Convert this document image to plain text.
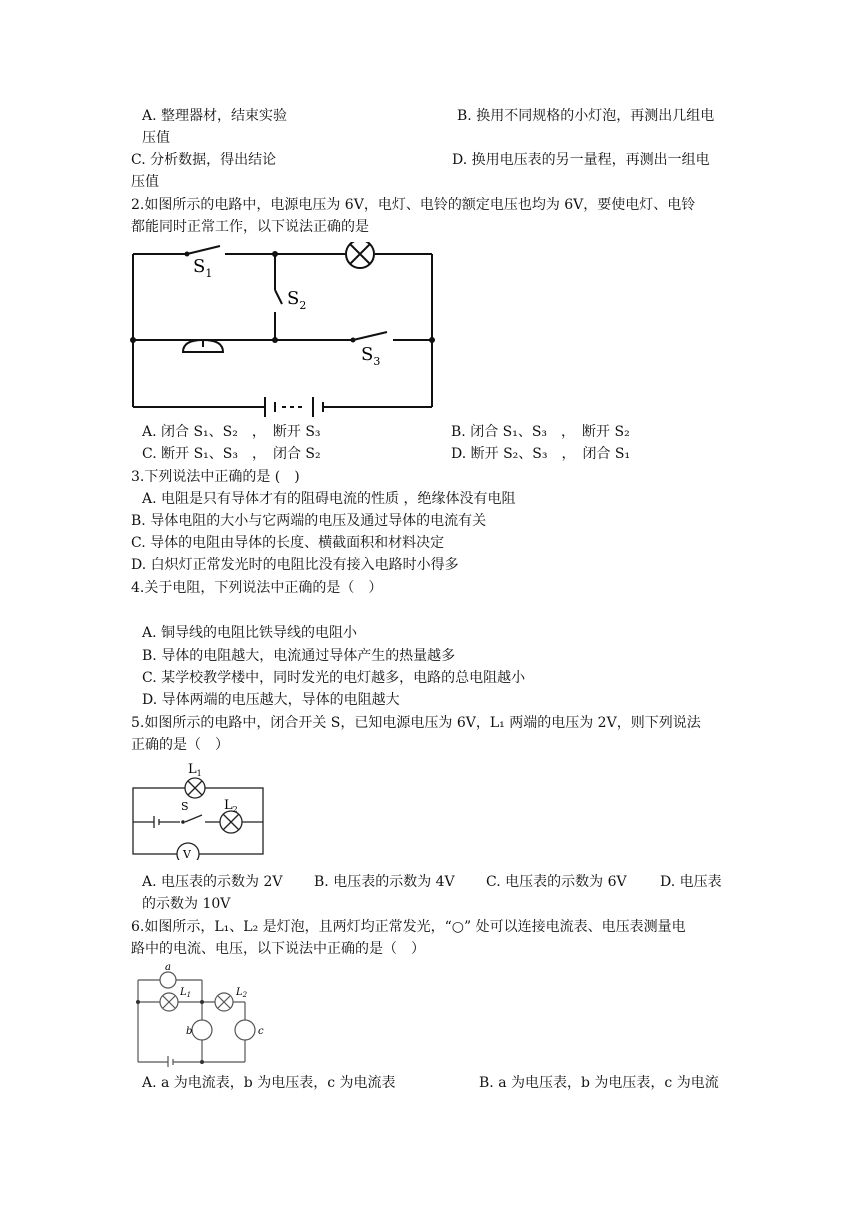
A. 整理器材，结束实验	B. 换用不同规格的小灯泡，再测出几组电
压值
C. 分析数据，得出结论	D. 换用电压表的另一量程，再测出一组电
压值
2.如图所示的电路中，电源电压为 6V，电灯、电铃的额定电压也均为 6V，要使电灯、电铃
都能同时正常工作，以下说法正确的是
$S_1$
$S_2$
$S_3$
A. 闭合 S₁、S₂　，　断开 S₃	B. 闭合 S₁、S₃　，　断开 S₂
C. 断开 S₁、S₃　，　闭合 S₂	D. 断开 S₂、S₃　，　闭合 S₁
3.下列说法中正确的是 (　)
A. 电阻是只有导体才有的阻碍电流的性质 ，绝缘体没有电阻
B. 导体电阻的大小与它两端的电压及通过导体的电流有关
C. 导体的电阻由导体的长度、横截面积和材料决定
D. 白炽灯正常发光时的电阻比没有接入电路时小得多
4.关于电阻，下列说法中正确的是（　）
A. 铜导线的电阻比铁导线的电阻小
B. 导体的电阻越大，电流通过导体产生的热量越多
C. 某学校教学楼中，同时发光的电灯越多，电路的总电阻越小
D. 导体两端的电压越大，导体的电阻越大
5.如图所示的电路中，闭合开关 S，已知电源电压为 6V，L₁ 两端的电压为 2V，则下列说法
正确的是（　）
$L_1$
S	$L_2$
V
A. 电压表的示数为 2V B. 电压表的示数为 4V C. 电压表的示数为 6V D. 电压表
的示数为 10V
6.如图所示，L₁、L₂ 是灯泡，且两灯均正常发光，“○” 处可以连接电流表、电压表测量电
路中的电流、电压，以下说法中正确的是（　）
a
$L_1$	$L_2$
b	c
A. a 为电流表，b 为电压表，c 为电流表	B. a 为电压表，b 为电压表，c 为电流
